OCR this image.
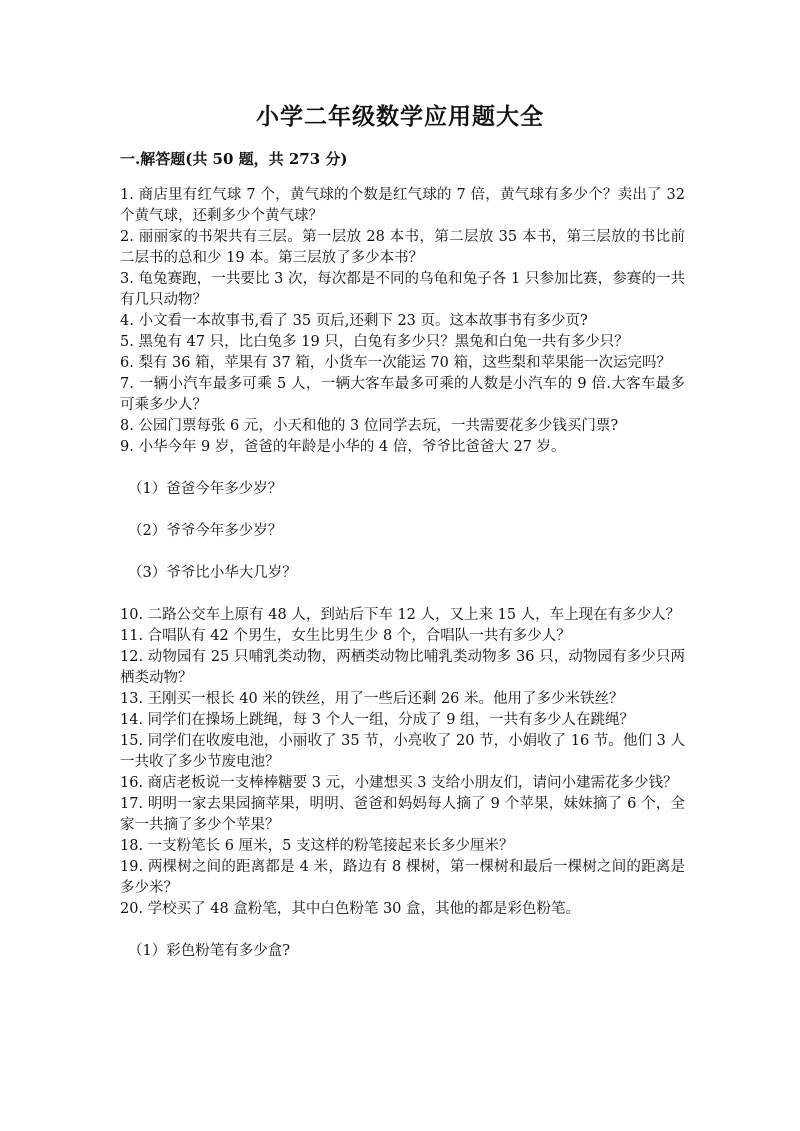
小学二年级数学应用题大全
一.解答题(共 50 题，共 273 分)

1. 商店里有红气球 7 个，黄气球的个数是红气球的 7 倍，黄气球有多少个？卖出了 32 个黄气球，还剩多少个黄气球？

2. 丽丽家的书架共有三层。第一层放 28 本书，第二层放 35 本书，第三层放的书比前二层书的总和少 19 本。第三层放了多少本书？

3. 龟兔赛跑，一共要比 3 次，每次都是不同的乌龟和兔子各 1 只参加比赛，参赛的一共有几只动物？

4. 小文看一本故事书,看了 35 页后,还剩下 23 页。这本故事书有多少页?

5. 黑兔有 47 只，比白兔多 19 只，白兔有多少只？黑兔和白兔一共有多少只？

6. 梨有 36 箱，苹果有 37 箱，小货车一次能运 70 箱，这些梨和苹果能一次运完吗？

7. 一辆小汽车最多可乘 5 人，一辆大客车最多可乘的人数是小汽车的 9 倍.大客车最多可乘多少人？

8. 公园门票每张 6 元，小天和他的 3 位同学去玩，一共需要花多少钱买门票?

9. 小华今年 9 岁，爸爸的年龄是小华的 4 倍，爷爷比爸爸大 27 岁。

（1）爸爸今年多少岁？

（2）爷爷今年多少岁？

（3）爷爷比小华大几岁？

10. 二路公交车上原有 48 人，到站后下车 12 人，又上来 15 人，车上现在有多少人？

11. 合唱队有 42 个男生，女生比男生少 8 个，合唱队一共有多少人？

12. 动物园有 25 只哺乳类动物，两栖类动物比哺乳类动物多 36 只，动物园有多少只两栖类动物？

13. 王刚买一根长 40 米的铁丝，用了一些后还剩 26 米。他用了多少米铁丝？

14. 同学们在操场上跳绳，每 3 个人一组，分成了 9 组，一共有多少人在跳绳？

15. 同学们在收废电池，小丽收了 35 节，小亮收了 20 节，小娟收了 16 节。他们 3 人一共收了多少节废电池？

16. 商店老板说一支棒棒糖要 3 元，小建想买 3 支给小朋友们，请问小建需花多少钱？

17. 明明一家去果园摘苹果，明明、爸爸和妈妈每人摘了 9 个苹果，妹妹摘了 6 个，全家一共摘了多少个苹果？

18. 一支粉笔长 6 厘米，5 支这样的粉笔接起来长多少厘米？

19. 两棵树之间的距离都是 4 米，路边有 8 棵树，第一棵树和最后一棵树之间的距离是多少米？

20. 学校买了 48 盒粉笔，其中白色粉笔 30 盒，其他的都是彩色粉笔。

（1）彩色粉笔有多少盒?
